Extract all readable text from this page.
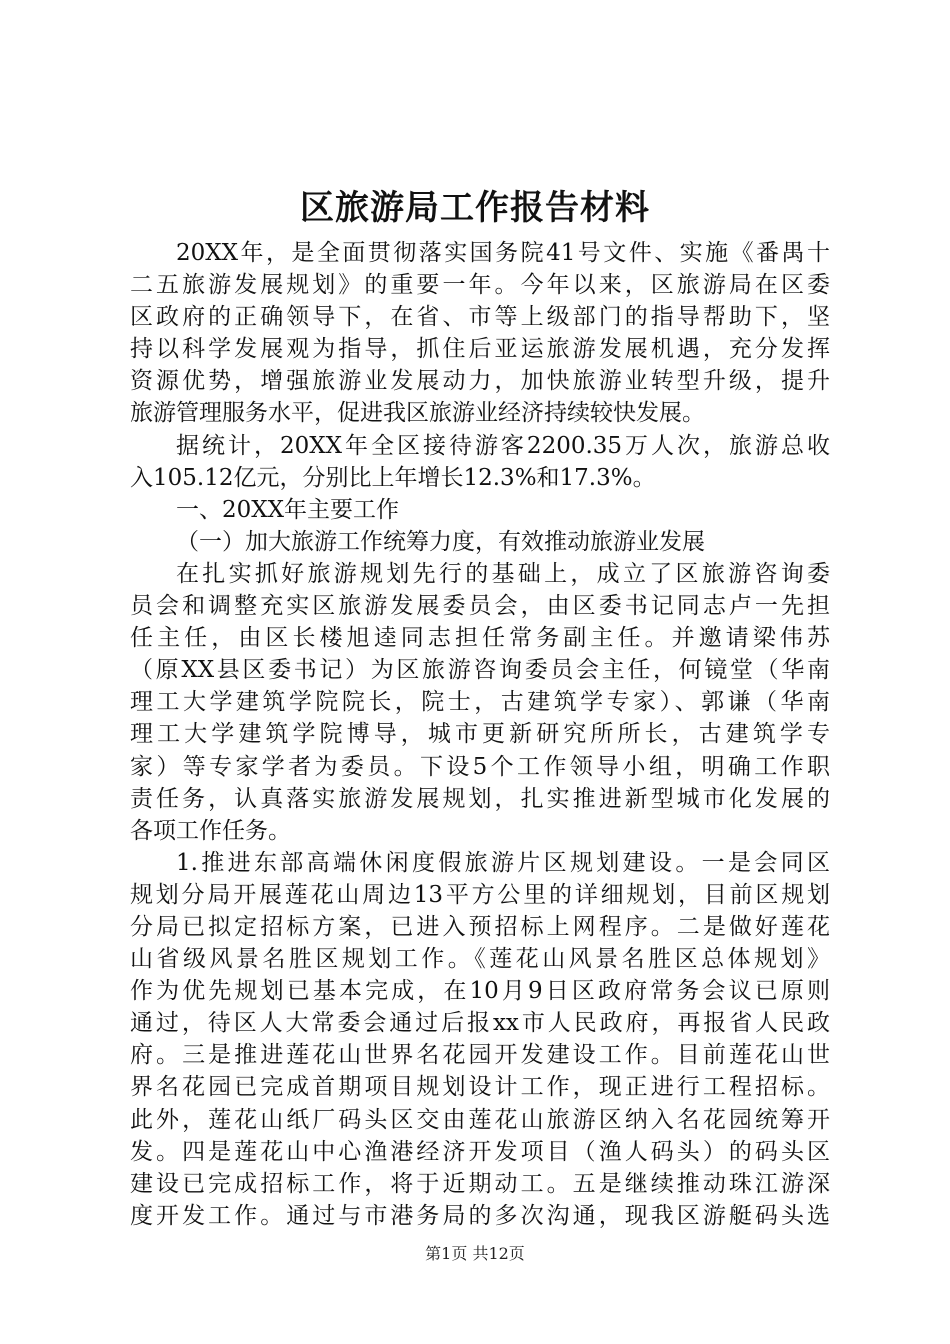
区旅游局工作报告材料
20XX年，是全面贯彻落实国务院41号文件、实施《番禺十
二五旅游发展规划》的重要一年。今年以来，区旅游局在区委
区政府的正确领导下，在省、市等上级部门的指导帮助下，坚
持以科学发展观为指导，抓住后亚运旅游发展机遇，充分发挥
资源优势，增强旅游业发展动力，加快旅游业转型升级，提升
旅游管理服务水平，促进我区旅游业经济持续较快发展。
据统计，20XX年全区接待游客2200.35万人次，旅游总收
入105.12亿元，分别比上年增长12.3%和17.3%。
一、20XX年主要工作
（一）加大旅游工作统筹力度，有效推动旅游业发展
在扎实抓好旅游规划先行的基础上，成立了区旅游咨询委
员会和调整充实区旅游发展委员会，由区委书记同志卢一先担
任主任，由区长楼旭逵同志担任常务副主任。并邀请梁伟苏
（原XX县区委书记）为区旅游咨询委员会主任，何镜堂（华南
理工大学建筑学院院长，院士，古建筑学专家）、郭谦（华南
理工大学建筑学院博导，城市更新研究所所长，古建筑学专
家）等专家学者为委员。下设5个工作领导小组，明确工作职
责任务，认真落实旅游发展规划，扎实推进新型城市化发展的
各项工作任务。
1.推进东部高端休闲度假旅游片区规划建设。一是会同区
规划分局开展莲花山周边13平方公里的详细规划，目前区规划
分局已拟定招标方案，已进入预招标上网程序。二是做好莲花
山省级风景名胜区规划工作。《莲花山风景名胜区总体规划》
作为优先规划已基本完成，在10月9日区政府常务会议已原则
通过，待区人大常委会通过后报xx市人民政府，再报省人民政
府。三是推进莲花山世界名花园开发建设工作。目前莲花山世
界名花园已完成首期项目规划设计工作，现正进行工程招标。
此外，莲花山纸厂码头区交由莲花山旅游区纳入名花园统筹开
发。四是莲花山中心渔港经济开发项目（渔人码头）的码头区
建设已完成招标工作，将于近期动工。五是继续推动珠江游深
度开发工作。通过与市港务局的多次沟通，现我区游艇码头选
第1页 共12页
